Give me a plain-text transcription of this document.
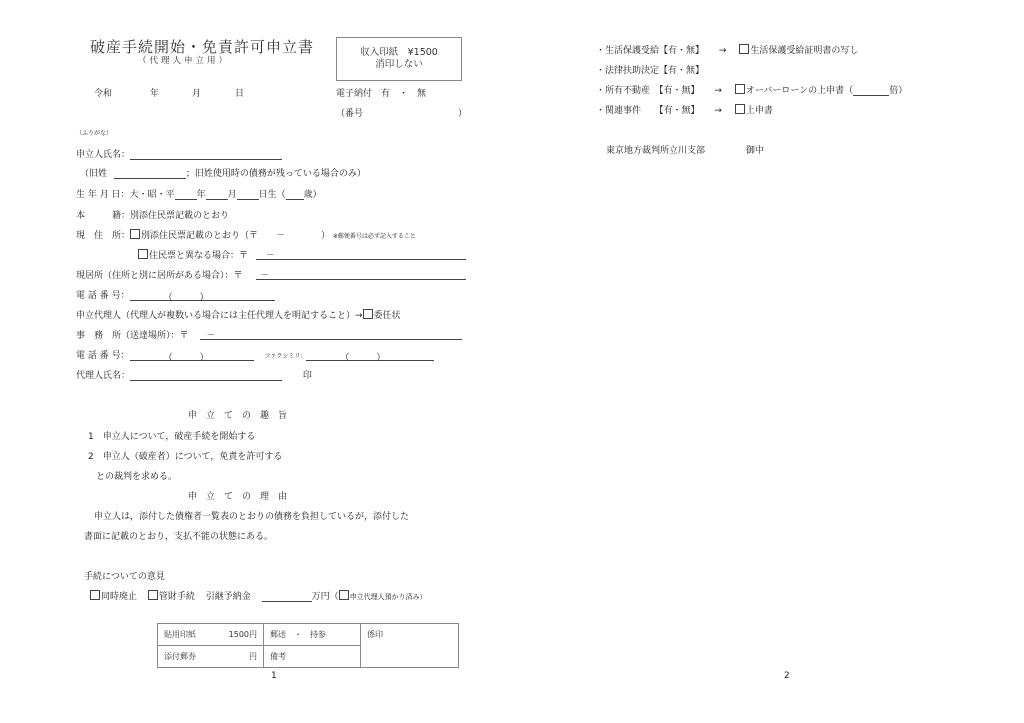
破産手続開始・免責許可申立書
（代理人申立用）
収入印紙　¥1500
消印しない
令和	年	月	日	電子納付　有　・　無
（番号	）
（ふりがな）
申立人氏名：
（旧姓	；旧姓使用時の債務が残っている場合のみ）
生 年 月 日：大・昭・平 年 月 日生（ 歳）
本　　　籍：別添住民票記載のとおり
現　住　所： 別添住民票記載のとおり（〒　　－　　　　） ※郵便番号は必ず記入すること
住民票と異なる場合：〒　　－
現居所（住所と別に居所がある場合）：〒　　－
電 話 番 号：	（　　　）
申立代理人（代理人が複数いる場合には主任代理人を明記すること）→ 委任状
事　務　所（送達場所）：〒　　－
電 話 番 号：	（　　　）	ファクシミリ：	（　　　）
代理人氏名：	印
申　立　て　の　趣　旨
1　申立人について，破産手続を開始する
2　申立人（破産者）について，免責を許可する
との裁判を求める。
申　立　て　の　理　由
申立人は，添付した債権者一覧表のとおりの債務を負担しているが，添付した
書面に記載のとおり，支払不能の状態にある。
手続についての意見
同時廃止 管財手続 引継予納金	万円（ 申立代理人預かり済み）
貼用印紙 1500円	郵送　・　持参	係印
添付郵券 円	備考	
1
・生活保護受給【有・無】 →	生活保護受給証明書の写し
・法律扶助決定【有・無】
・所有不動産　【有・無】 →	オーバーローンの上申書（	倍）
・関連事件　　【有・無】 →	上申書
東京地方裁判所立川支部	御中
2
